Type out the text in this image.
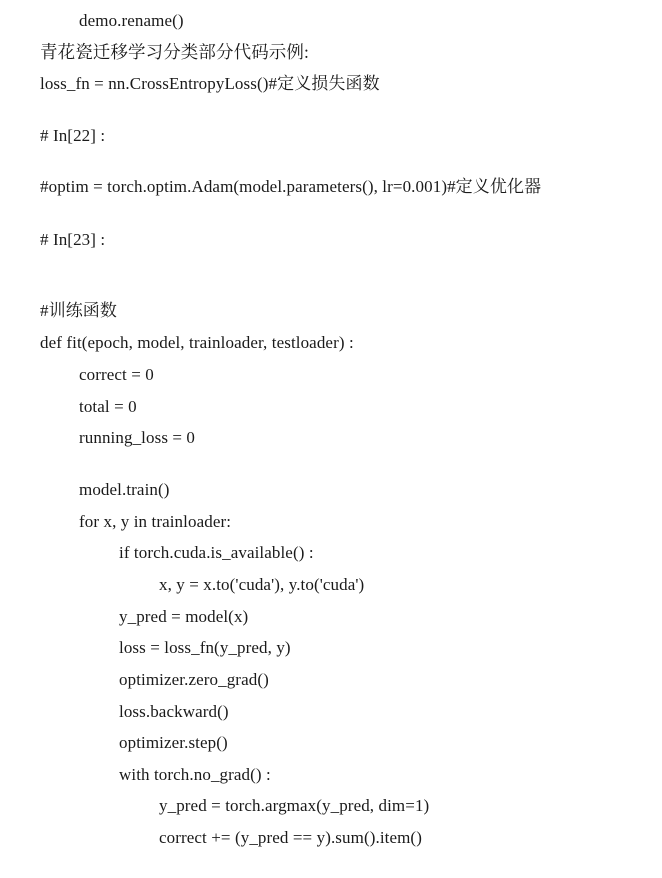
demo.rename()
青花瓷迁移学习分类部分代码示例:
loss_fn = nn.CrossEntropyLoss()#定义损失函数
# In[22] :
#optim = torch.optim.Adam(model.parameters(), lr=0.001)#定义优化器
# In[23] :
#训练函数
def fit(epoch, model, trainloader, testloader) :
correct = 0
total = 0
running_loss = 0
model.train()
for x, y in trainloader:
if torch.cuda.is_available() :
x, y = x.to('cuda'), y.to('cuda')
y_pred = model(x)
loss = loss_fn(y_pred, y)
optimizer.zero_grad()
loss.backward()
optimizer.step()
with torch.no_grad() :
y_pred = torch.argmax(y_pred, dim=1)
correct += (y_pred == y).sum().item()
